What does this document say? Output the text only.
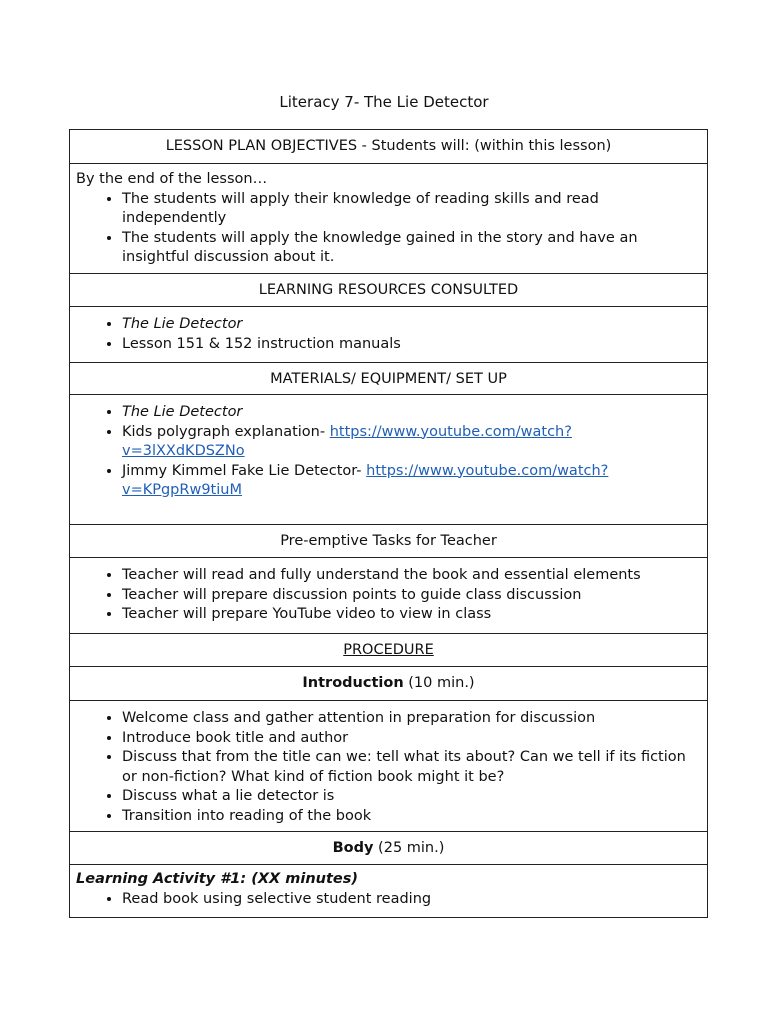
Literacy 7- The Lie Detector
LESSON PLAN OBJECTIVES - Students will: (within this lesson)
By the end of the lesson…
• The students will apply their knowledge of reading skills and read independently
• The students will apply the knowledge gained in the story and have an insightful discussion about it.
LEARNING RESOURCES CONSULTED
• The Lie Detector
• Lesson 151 & 152 instruction manuals
MATERIALS/ EQUIPMENT/ SET UP
• The Lie Detector
• Kids polygraph explanation- https://www.youtube.com/watch?
v=3lXXdKDSZNo
• Jimmy Kimmel Fake Lie Detector- https://www.youtube.com/watch?
v=KPgpRw9tiuM
Pre-emptive Tasks for Teacher
• Teacher will read and fully understand the book and essential elements
• Teacher will prepare discussion points to guide class discussion
• Teacher will prepare YouTube video to view in class
PROCEDURE
Introduction (10 min.)
• Welcome class and gather attention in preparation for discussion
• Introduce book title and author
• Discuss that from the title can we: tell what its about? Can we tell if its fiction or non-fiction? What kind of fiction book might it be?
• Discuss what a lie detector is
• Transition into reading of the book
Body (25 min.)
Learning Activity #1: (XX minutes)
• Read book using selective student reading
